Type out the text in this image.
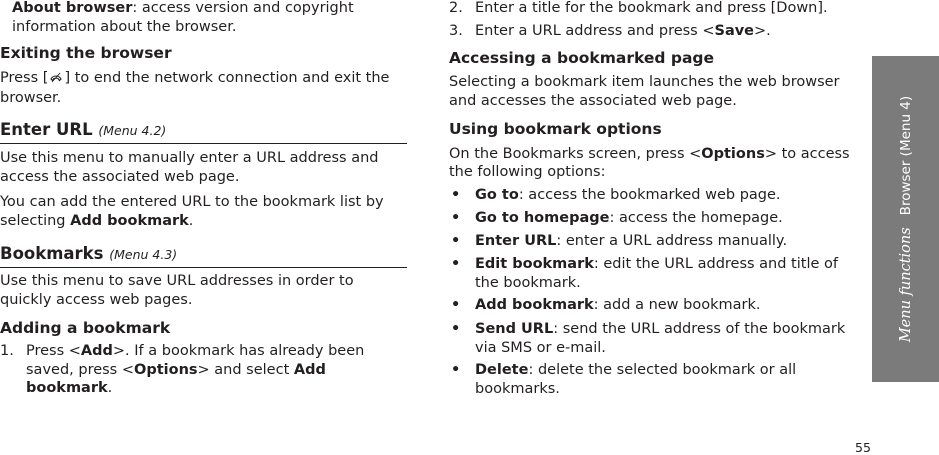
About browser: access version and copyright
information about the browser.
Exiting the browser
Press [ ] to end the network connection and exit the
browser.
Enter URL (Menu 4.2)
Use this menu to manually enter a URL address and
access the associated web page.
You can add the entered URL to the bookmark list by
selecting Add bookmark.
Bookmarks (Menu 4.3)
Use this menu to save URL addresses in order to
quickly access web pages.
Adding a bookmark
1. Press <Add>. If a bookmark has already been
saved, press <Options> and select Add
bookmark.
2. Enter a title for the bookmark and press [Down].
3. Enter a URL address and press <Save>.
Accessing a bookmarked page
Selecting a bookmark item launches the web browser
and accesses the associated web page.
Using bookmark options
On the Bookmarks screen, press <Options> to access
the following options:
• Go to: access the bookmarked web page.
• Go to homepage: access the homepage.
• Enter URL: enter a URL address manually.
• Edit bookmark: edit the URL address and title of
the bookmark.
• Add bookmark: add a new bookmark.
• Send URL: send the URL address of the bookmark
via SMS or e-mail.
• Delete: delete the selected bookmark or all
bookmarks.
Menu functionsBrowser (Menu 4)
55
